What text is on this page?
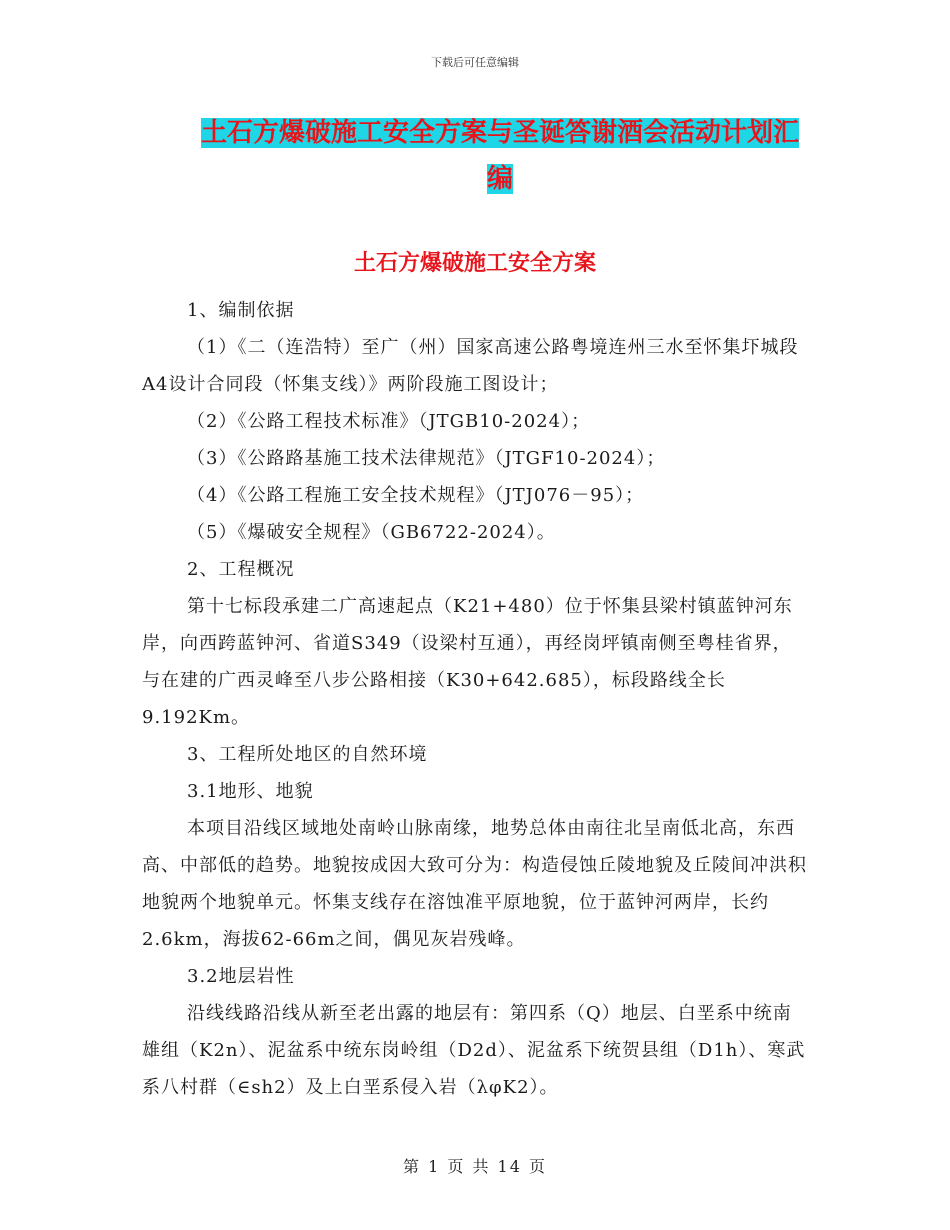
下载后可任意编辑
土石方爆破施工安全方案与圣诞答谢酒会活动计划汇编
土石方爆破施工安全方案

1、编制依据

（1）《二（连浩特）至广（州）国家高速公路粤境连州三水至怀集圷城段A4设计合同段（怀集支线）》两阶段施工图设计；

（2）《公路工程技术标准》（JTGB10-2024）；

（3）《公路路基施工技术法律规范》（JTGF10-2024）；

（4）《公路工程施工安全技术规程》（JTJ076－95）；

（5）《爆破安全规程》（GB6722-2024）。

2、工程概况

第十七标段承建二广高速起点（K21+480）位于怀集县梁村镇蓝钟河东岸，向西跨蓝钟河、省道S349（设梁村互通），再经岗坪镇南侧至粤桂省界，与在建的广西灵峰至八步公路相接（K30+642.685），标段路线全长9.192Km。

3、工程所处地区的自然环境

3.1地形、地貌

本项目沿线区域地处南岭山脉南缘，地势总体由南往北呈南低北高，东西高、中部低的趋势。地貌按成因大致可分为：构造侵蚀丘陵地貌及丘陵间冲洪积地貌两个地貌单元。怀集支线存在溶蚀准平原地貌，位于蓝钟河两岸，长约2.6km，海拔62-66m之间，偶见灰岩残峰。

3.2地层岩性

沿线线路沿线从新至老出露的地层有：第四系（Q）地层、白垩系中统南雄组（K2n）、泥盆系中统东岗岭组（D2d）、泥盆系下统贺县组（D1h）、寒武系八村群（∈sh2）及上白垩系侵入岩（λφK2）。

第 1 页 共 14 页
